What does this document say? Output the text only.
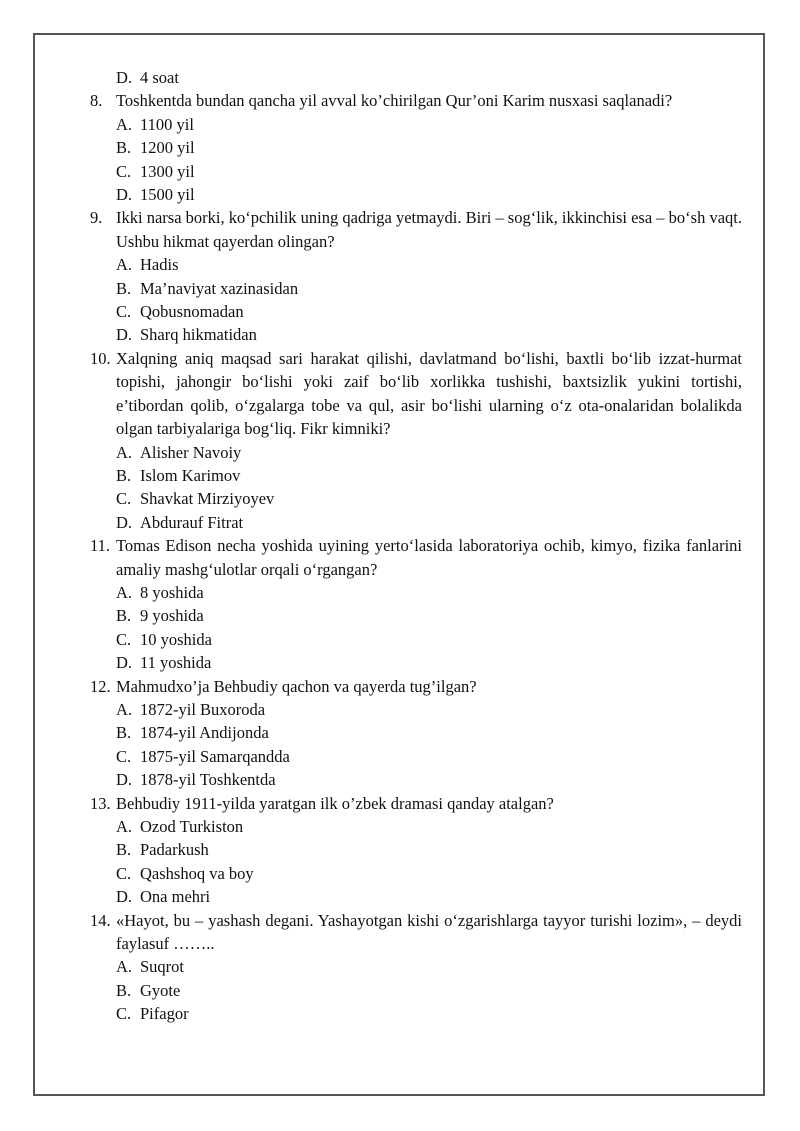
D. 4 soat
8. Toshkentda bundan qancha yil avval ko’chirilgan Qur’oni Karim nusxasi saqlanadi?
A. 1100 yil
B. 1200 yil
C. 1300 yil
D. 1500 yil
9. Ikki narsa borki, ko‘pchilik uning qadriga yetmaydi. Biri – sog‘lik, ikkinchisi esa – bo‘sh vaqt. Ushbu hikmat qayerdan olingan?
A. Hadis
B. Ma’naviyat xazinasidan
C. Qobusnomadan
D. Sharq hikmatidan
10. Xalqning aniq maqsad sari harakat qilishi, davlatmand bo‘lishi, baxtli bo‘lib izzat-hurmat topishi, jahongir bo‘lishi yoki zaif bo‘lib xorlikka tushishi, baxtsizlik yukini tortishi, e’tibordan qolib, o‘zgalarga tobe va qul, asir bo‘lishi ularning o‘z ota-onalaridan bolalikda olgan tarbiyalariga bog‘liq. Fikr kimniki?
A. Alisher Navoiy
B. Islom Karimov
C. Shavkat Mirziyoyev
D. Abdurauf Fitrat
11. Tomas Edison necha yoshida uyining yerto‘lasida laboratoriya ochib, kimyo, fizika fanlarini amaliy mashg‘ulotlar orqali o‘rgangan?
A. 8 yoshida
B. 9 yoshida
C. 10 yoshida
D. 11 yoshida
12. Mahmudxo’ja Behbudiy qachon va qayerda tug’ilgan?
A. 1872-yil Buxoroda
B. 1874-yil Andijonda
C. 1875-yil Samarqandda
D. 1878-yil Toshkentda
13. Behbudiy 1911-yilda yaratgan ilk o’zbek dramasi qanday atalgan?
A. Ozod Turkiston
B. Padarkush
C. Qashshoq va boy
D. Ona mehri
14. «Hayot, bu – yashash degani. Yashayotgan kishi o‘zgarishlarga tayyor turishi lozim», – deydi faylasuf ……..
A. Suqrot
B. Gyote
C. Pifagor
